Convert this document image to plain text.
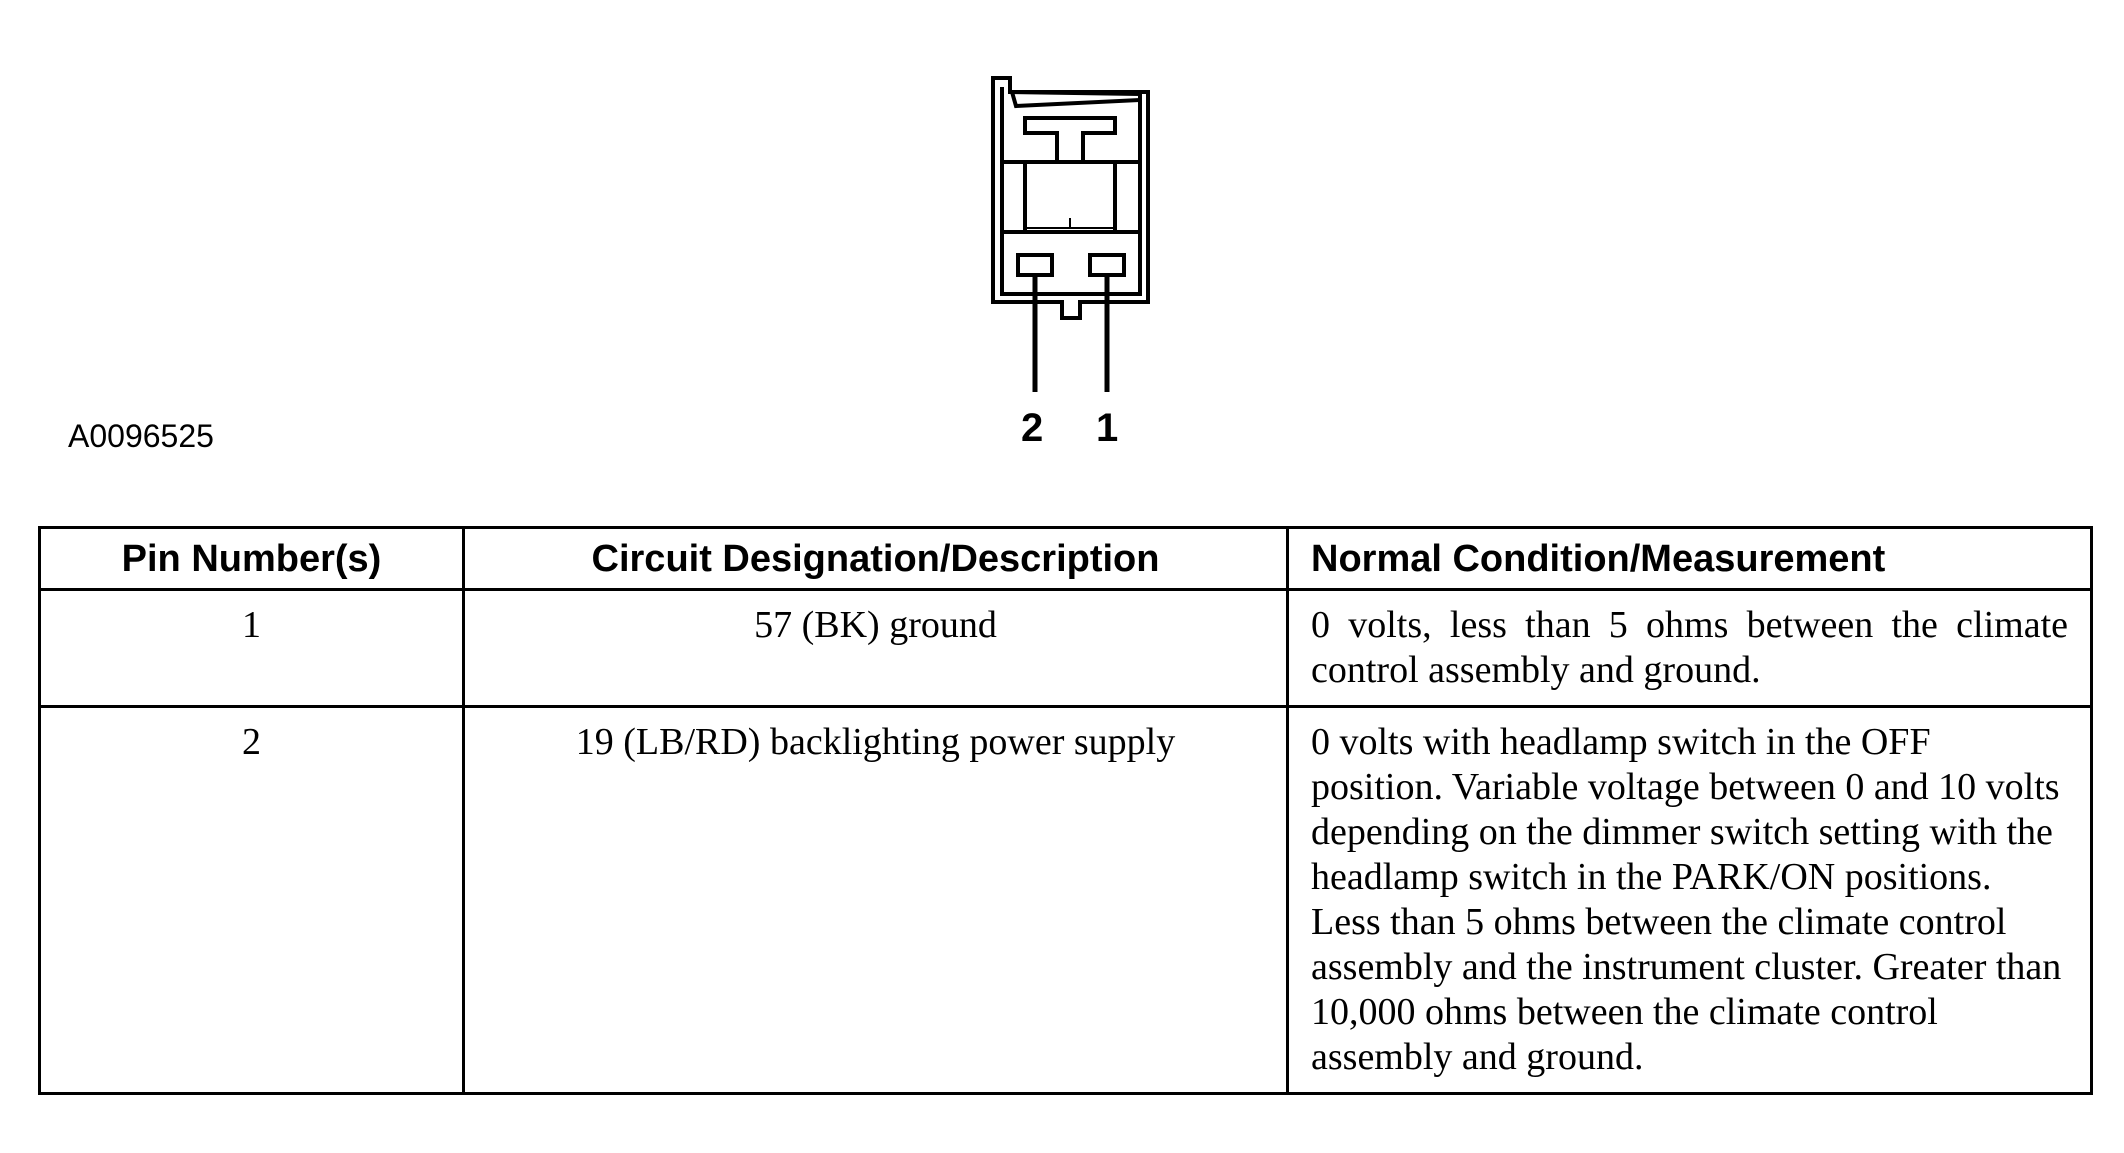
2 1
A0096525
Pin Number(s)	Circuit Designation/Description	Normal Condition/Measurement
1	57 (BK) ground	0 volts, less than 5 ohms between the climate control assembly and ground.
2	19 (LB/RD) backlighting power supply	0 volts with headlamp switch in the OFF position. Variable voltage between 0 and 10 volts depending on the dimmer switch setting with the headlamp switch in the PARK/ON positions. Less than 5 ohms between the climate control assembly and the instrument cluster. Greater than 10,000 ohms between the climate control assembly and ground.
